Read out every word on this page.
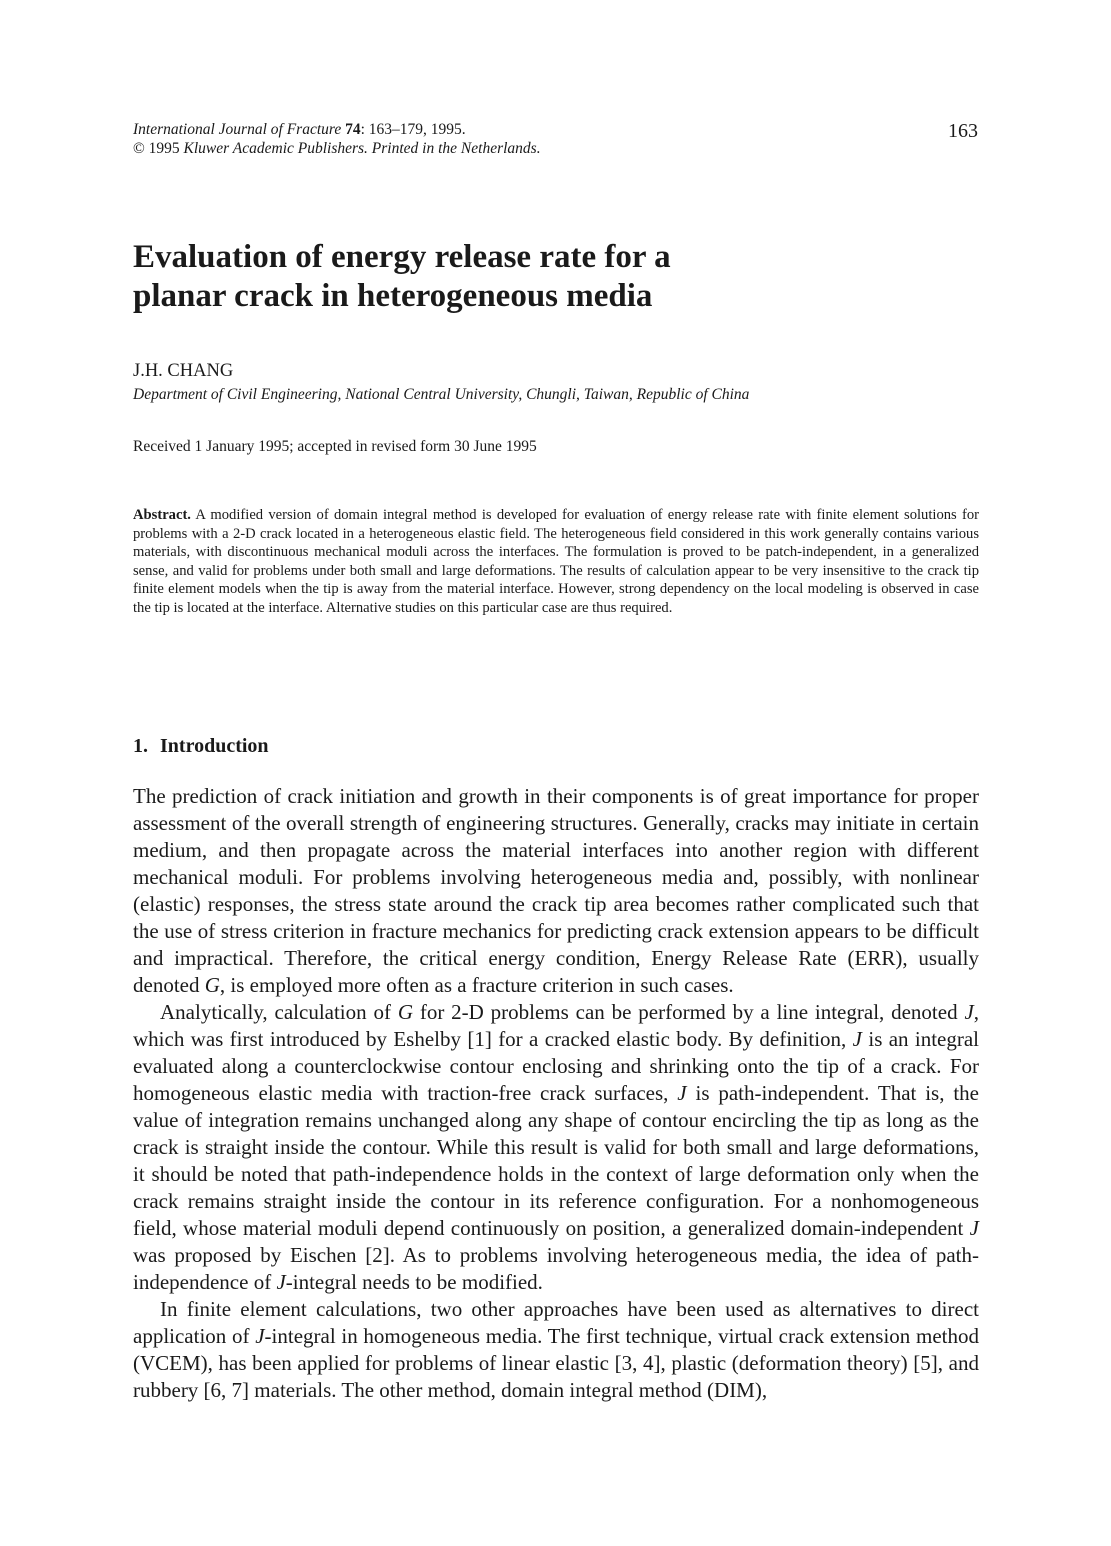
International Journal of Fracture 74: 163–179, 1995.
© 1995 Kluwer Academic Publishers. Printed in the Netherlands.
163
Evaluation of energy release rate for a
planar crack in heterogeneous media
J.H. CHANG
Department of Civil Engineering, National Central University, Chungli, Taiwan, Republic of China
Received 1 January 1995; accepted in revised form 30 June 1995

Abstract. A modified version of domain integral method is developed for evaluation of energy release rate with finite element solutions for problems with a 2-D crack located in a heterogeneous elastic field. The heterogeneous field considered in this work generally contains various materials, with discontinuous mechanical moduli across the interfaces. The formulation is proved to be patch-independent, in a generalized sense, and valid for problems under both small and large deformations. The results of calculation appear to be very insensitive to the crack tip finite element models when the tip is away from the material interface. However, strong dependency on the local modeling is observed in case the tip is located at the interface. Alternative studies on this particular case are thus required.

1. Introduction

The prediction of crack initiation and growth in their components is of great importance for proper assessment of the overall strength of engineering structures. Generally, cracks may initiate in certain medium, and then propagate across the material interfaces into another region with different mechanical moduli. For problems involving heterogeneous media and, possibly, with nonlinear (elastic) responses, the stress state around the crack tip area becomes rather complicated such that the use of stress criterion in fracture mechanics for predicting crack extension appears to be difficult and impractical. Therefore, the critical energy condition, Energy Release Rate (ERR), usually denoted G, is employed more often as a fracture criterion in such cases.

Analytically, calculation of G for 2-D problems can be performed by a line integral, denoted J, which was first introduced by Eshelby [1] for a cracked elastic body. By definition, J is an integral evaluated along a counterclockwise contour enclosing and shrinking onto the tip of a crack. For homogeneous elastic media with traction-free crack surfaces, J is path-independent. That is, the value of integration remains unchanged along any shape of contour encircling the tip as long as the crack is straight inside the contour. While this result is valid for both small and large deformations, it should be noted that path-independence holds in the context of large deformation only when the crack remains straight inside the contour in its reference configuration. For a nonhomogeneous field, whose material moduli depend continuously on position, a generalized domain-independent J was proposed by Eischen [2]. As to problems involving heterogeneous media, the idea of path-independence of J-integral needs to be modified.

In finite element calculations, two other approaches have been used as alternatives to direct application of J-integral in homogeneous media. The first technique, virtual crack extension method (VCEM), has been applied for problems of linear elastic [3, 4], plastic (deformation theory) [5], and rubbery [6, 7] materials. The other method, domain integral method (DIM),
